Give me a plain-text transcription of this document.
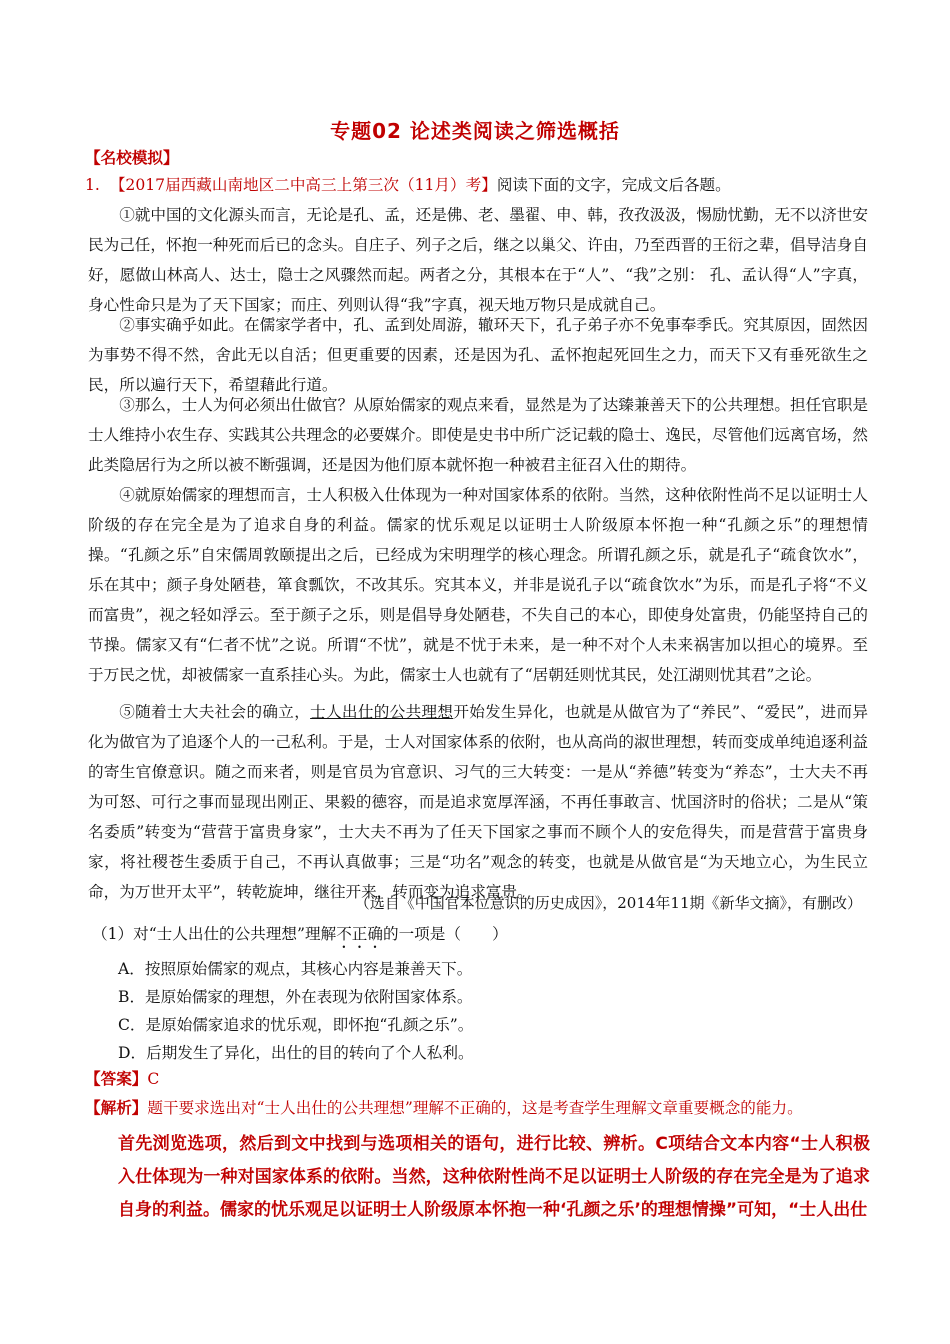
专题02 论述类阅读之筛选概括
【名校模拟】
1. 【2017届西藏山南地区二中高三上第三次（11月）考】阅读下面的文字，完成文后各题。
①就中国的文化源头而言，无论是孔、孟，还是佛、老、墨翟、申、韩，孜孜汲汲，惕励忧勤，无不以济世安民为己任，怀抱一种死而后已的念头。自庄子、列子之后，继之以巢父、许由，乃至西晋的王衍之辈，倡导洁身自好，愿做山林高人、达士，隐士之风骤然而起。两者之分，其根本在于“人”、“我”之别： 孔、孟认得“人”字真，身心性命只是为了天下国家；而庄、列则认得“我”字真，视天地万物只是成就自己。
②事实确乎如此。在儒家学者中，孔、孟到处周游，辙环天下，孔子弟子亦不免事奉季氏。究其原因，固然因为事势不得不然，舍此无以自活；但更重要的因素，还是因为孔、孟怀抱起死回生之力，而天下又有垂死欲生之民，所以遍行天下，希望藉此行道。
③那么，士人为何必须出仕做官？从原始儒家的观点来看，显然是为了达臻兼善天下的公共理想。担任官职是士人维持小农生存、实践其公共理念的必要媒介。即使是史书中所广泛记载的隐士、逸民，尽管他们远离官场，然此类隐居行为之所以被不断强调，还是因为他们原本就怀抱一种被君主征召入仕的期待。
④就原始儒家的理想而言，士人积极入仕体现为一种对国家体系的依附。当然，这种依附性尚不足以证明士人阶级的存在完全是为了追求自身的利益。儒家的忧乐观足以证明士人阶级原本怀抱一种“孔颜之乐”的理想情操。“孔颜之乐”自宋儒周敦颐提出之后，已经成为宋明理学的核心理念。所谓孔颜之乐，就是孔子“疏食饮水”，乐在其中；颜子身处陋巷，箪食瓢饮，不改其乐。究其本义，并非是说孔子以“疏食饮水”为乐，而是孔子将“不义而富贵”，视之轻如浮云。至于颜子之乐，则是倡导身处陋巷，不失自己的本心，即使身处富贵，仍能坚持自己的节操。儒家又有“仁者不忧”之说。所谓“不忧”，就是不忧于未来，是一种不对个人未来祸害加以担心的境界。至于万民之忧，却被儒家一直系挂心头。为此，儒家士人也就有了“居朝廷则忧其民，处江湖则忧其君”之论。
⑤随着士大夫社会的确立，士人出仕的公共理想开始发生异化，也就是从做官为了“养民”、“爱民”，进而异化为做官为了追逐个人的一己私利。于是，士人对国家体系的依附，也从高尚的淑世理想，转而变成单纯追逐利益的寄生官僚意识。随之而来者，则是官员为官意识、习气的三大转变：一是从“养德”转变为“养态”，士大夫不再为可怒、可行之事而显现出刚正、果毅的德容，而是追求宽厚浑涵，不再任事敢言、忧国济时的俗状；二是从“策名委质”转变为“营营于富贵身家”，士大夫不再为了任天下国家之事而不顾个人的安危得失，而是营营于富贵身家，将社稷苍生委质于自己，不再认真做事；三是“功名”观念的转变，也就是从做官是“为天地立心，为生民立命，为万世开太平”，转乾旋坤，继往开来，转而变为追求富贵。
（选自《中国官本位意识的历史成因》，2014年11期《新华文摘》，有删改）
（1）对“士人出仕的公共理想”理解不正确的一项是（　　）
A．按照原始儒家的观点，其核心内容是兼善天下。
B．是原始儒家的理想，外在表现为依附国家体系。
C．是原始儒家追求的忧乐观，即怀抱“孔颜之乐”。
D．后期发生了异化，出仕的目的转向了个人私利。
【答案】C
【解析】题干要求选出对“士人出仕的公共理想”理解不正确的，这是考查学生理解文章重要概念的能力。
首先浏览选项，然后到文中找到与选项相关的语句，进行比较、辨析。C项结合文本内容“士人积极入仕体现为一种对国家体系的依附。当然，这种依附性尚不足以证明士人阶级的存在完全是为了追求自身的利益。儒家的忧乐观足以证明士人阶级原本怀抱一种‘孔颜之乐’的理想情操”可知，“士人出仕
